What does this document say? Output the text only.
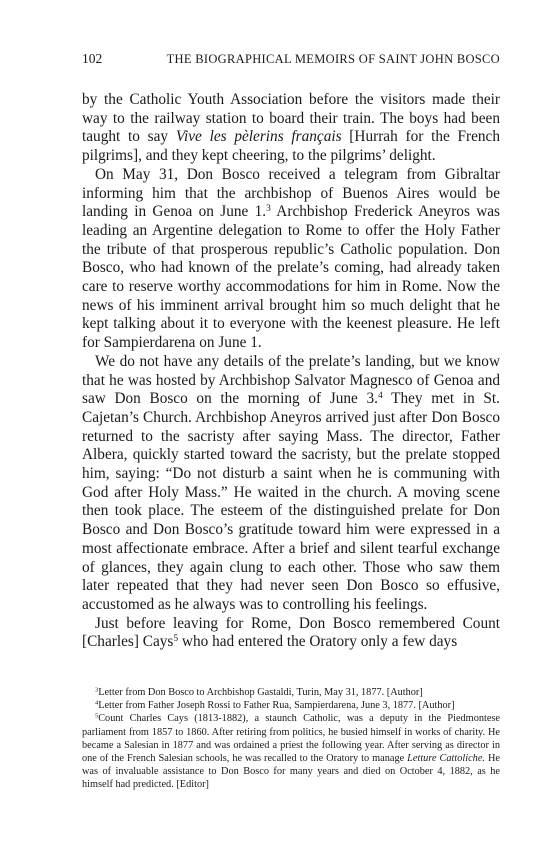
102	THE BIOGRAPHICAL MEMOIRS OF SAINT JOHN BOSCO

by the Catholic Youth Association before the visitors made their way to the railway station to board their train. The boys had been taught to say Vive les pèlerins français [Hurrah for the French pilgrims], and they kept cheering, to the pilgrims’ delight.

On May 31, Don Bosco received a telegram from Gibraltar informing him that the archbishop of Buenos Aires would be landing in Genoa on June 1.$^3$ Archbishop Frederick Aneyros was leading an Argentine delegation to Rome to offer the Holy Father the tribute of that prosperous republic’s Catholic population. Don Bosco, who had known of the prelate’s coming, had already taken care to reserve worthy accommodations for him in Rome. Now the news of his imminent arrival brought him so much delight that he kept talking about it to everyone with the keenest pleasure. He left for Sampierdarena on June 1.

We do not have any details of the prelate’s landing, but we know that he was hosted by Archbishop Salvator Magnesco of Genoa and saw Don Bosco on the morning of June 3.$^4$ They met in St. Cajetan’s Church. Archbishop Aneyros arrived just after Don Bosco returned to the sacristy after saying Mass. The director, Father Albera, quickly started toward the sacristy, but the prelate stopped him, saying: “Do not disturb a saint when he is communing with God after Holy Mass.” He waited in the church. A moving scene then took place. The esteem of the distinguished prelate for Don Bosco and Don Bosco’s gratitude toward him were expressed in a most affectionate embrace. After a brief and silent tearful exchange of glances, they again clung to each other. Those who saw them later repeated that they had never seen Don Bosco so effusive, accustomed as he always was to controlling his feelings.

Just before leaving for Rome, Don Bosco remembered Count [Charles] Cays$^5$ who had entered the Oratory only a few days

$^3$Letter from Don Bosco to Archbishop Gastaldi, Turin, May 31, 1877. [Author]

$^4$Letter from Father Joseph Rossi to Father Rua, Sampierdarena, June 3, 1877. [Author]

$^5$Count Charles Cays (1813-1882), a staunch Catholic, was a deputy in the Piedmontese parliament from 1857 to 1860. After retiring from politics, he busied himself in works of charity. He became a Salesian in 1877 and was ordained a priest the following year. After serving as director in one of the French Salesian schools, he was recalled to the Oratory to manage Letture Cattoliche. He was of invaluable assistance to Don Bosco for many years and died on October 4, 1882, as he himself had predicted. [Editor]
